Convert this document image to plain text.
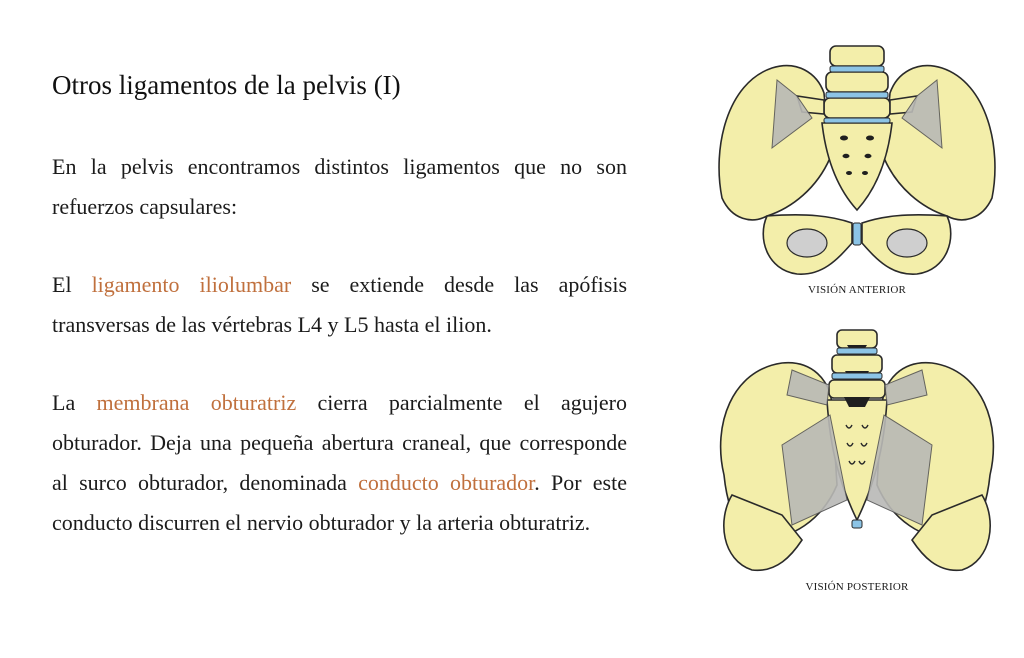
Otros ligamentos de la pelvis (I)

En la pelvis encontramos distintos ligamentos que no son refuerzos capsulares:

El ligamento iliolumbar se extiende desde las apófisis transversas de las vértebras L4 y L5 hasta el ilion.

La membrana obturatriz cierra parcialmente el agujero obturador. Deja una pequeña abertura craneal, que corresponde al surco obturador, denominada conducto obturador. Por este conducto discurren el nervio obturador y la arteria obturatriz.

VISIÓN ANTERIOR
VISIÓN POSTERIOR
